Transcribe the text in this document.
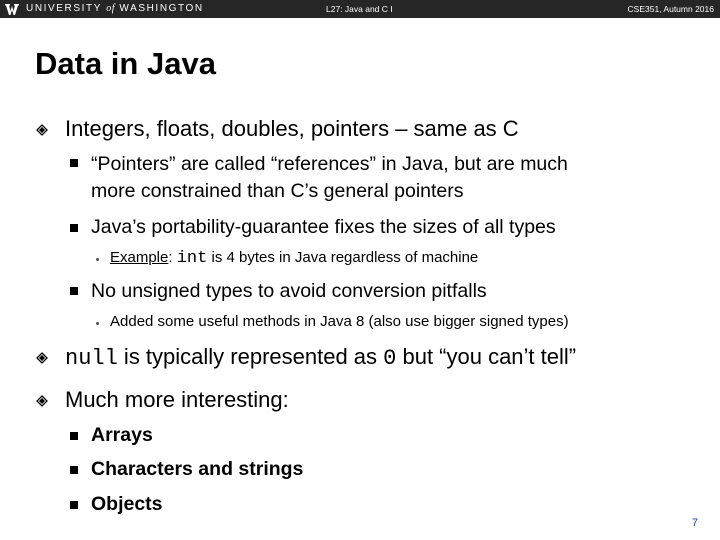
UNIVERSITY of WASHINGTON	L27: Java and C I	CSE351, Autumn 2016
Data in Java
Integers, floats, doubles, pointers – same as C
“Pointers” are called “references” in Java, but are much
more constrained than C’s general pointers
Java’s portability-guarantee fixes the sizes of all types
Example: int is 4 bytes in Java regardless of machine
No unsigned types to avoid conversion pitfalls
Added some useful methods in Java 8 (also use bigger signed types)
null is typically represented as 0 but “you can’t tell”
Much more interesting:
Arrays
Characters and strings
Objects
7
